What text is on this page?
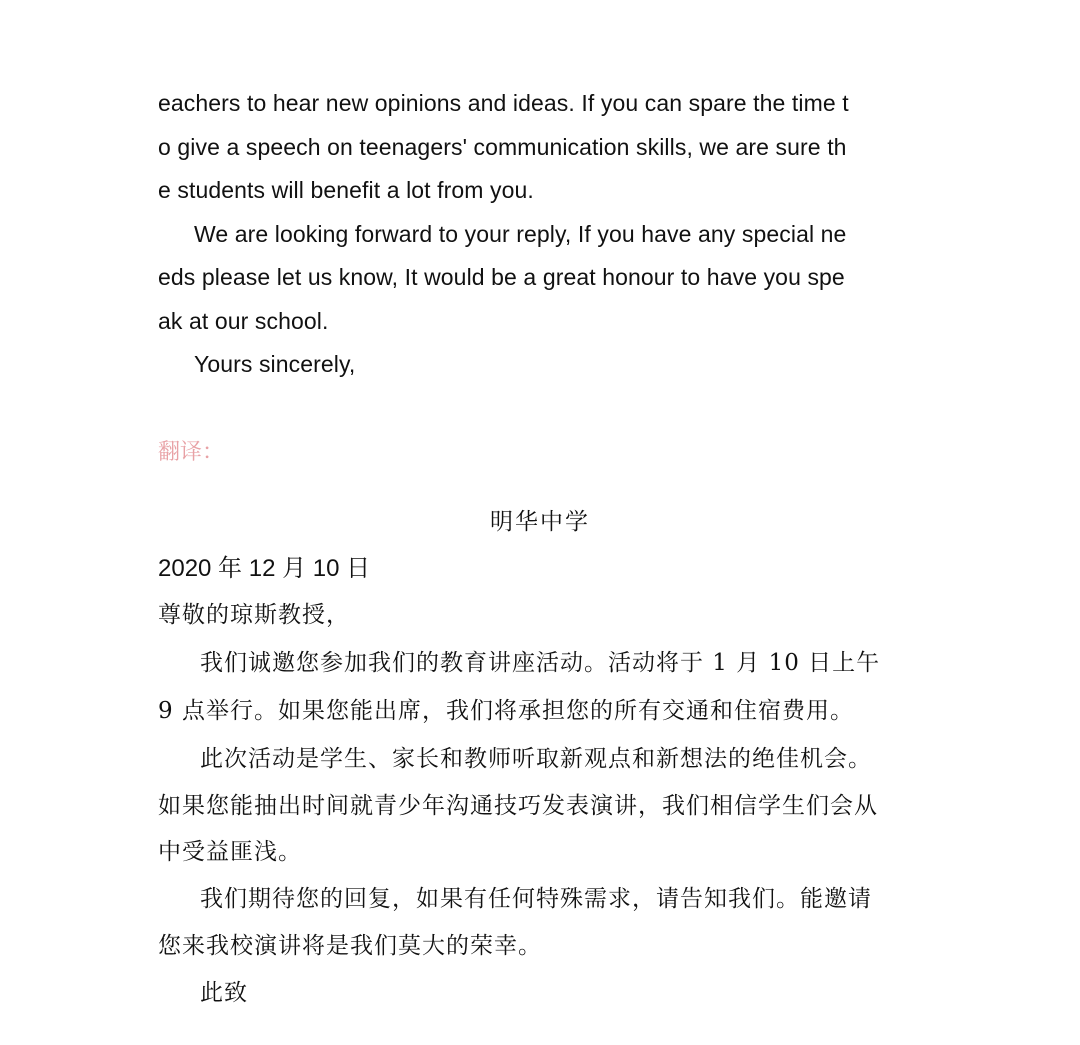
eachers to hear new opinions and ideas. If you can spare the time t
o give a speech on teenagers' communication skills, we are sure th
e students will benefit a lot from you.
We are looking forward to your reply, If you have any special ne
eds please let us know, It would be a great honour to have you spe
ak at our school.
Yours sincerely,
翻译：
明华中学
2020 年 12 月 10 日
尊敬的琼斯教授，
我们诚邀您参加我们的教育讲座活动。活动将于 1 月 10 日上午
9 点举行。如果您能出席，我们将承担您的所有交通和住宿费用。
此次活动是学生、家长和教师听取新观点和新想法的绝佳机会。
如果您能抽出时间就青少年沟通技巧发表演讲，我们相信学生们会从
中受益匪浅。
我们期待您的回复，如果有任何特殊需求，请告知我们。能邀请
您来我校演讲将是我们莫大的荣幸。
此致
